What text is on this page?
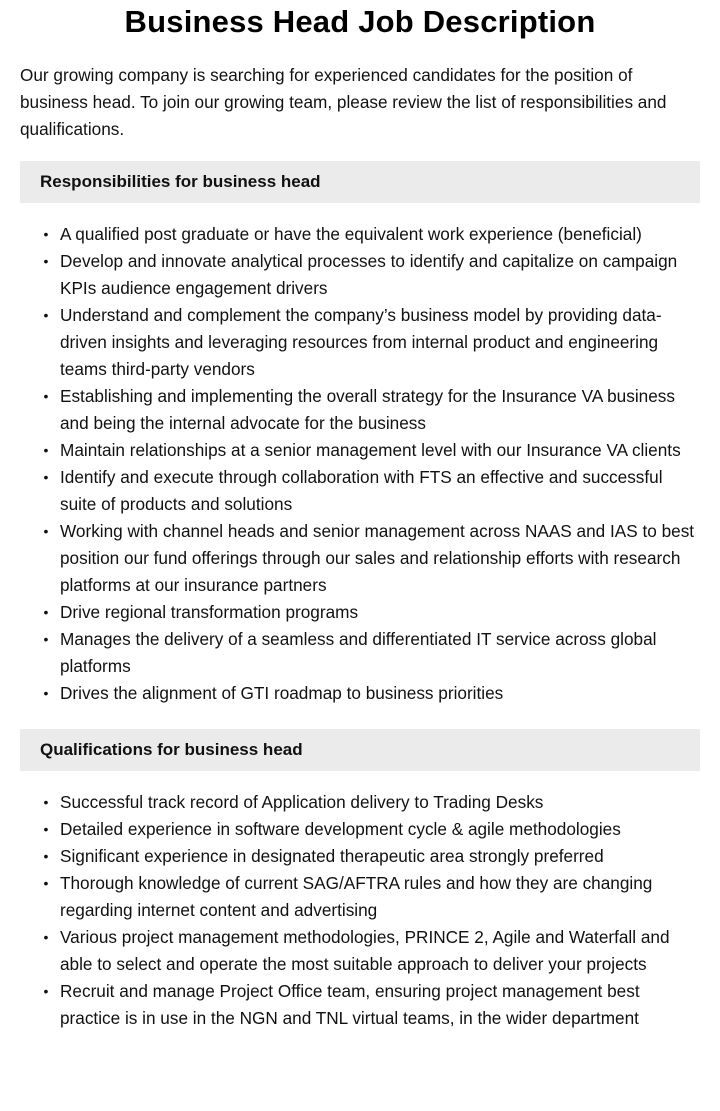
Business Head Job Description

Our growing company is searching for experienced candidates for the position of business head. To join our growing team, please review the list of responsibilities and qualifications.

Responsibilities for business head
• A qualified post graduate or have the equivalent work experience (beneficial)
• Develop and innovate analytical processes to identify and capitalize on campaign KPIs audience engagement drivers
• Understand and complement the company’s business model by providing data-driven insights and leveraging resources from internal product and engineering teams third-party vendors
• Establishing and implementing the overall strategy for the Insurance VA business and being the internal advocate for the business
• Maintain relationships at a senior management level with our Insurance VA clients
• Identify and execute through collaboration with FTS an effective and successful suite of products and solutions
• Working with channel heads and senior management across NAAS and IAS to best position our fund offerings through our sales and relationship efforts with research platforms at our insurance partners
• Drive regional transformation programs
• Manages the delivery of a seamless and differentiated IT service across global platforms
• Drives the alignment of GTI roadmap to business priorities
Qualifications for business head
• Successful track record of Application delivery to Trading Desks
• Detailed experience in software development cycle & agile methodologies
• Significant experience in designated therapeutic area strongly preferred
• Thorough knowledge of current SAG/AFTRA rules and how they are changing regarding internet content and advertising
• Various project management methodologies, PRINCE 2, Agile and Waterfall and able to select and operate the most suitable approach to deliver your projects
• Recruit and manage Project Office team, ensuring project management best practice is in use in the NGN and TNL virtual teams, in the wider department
